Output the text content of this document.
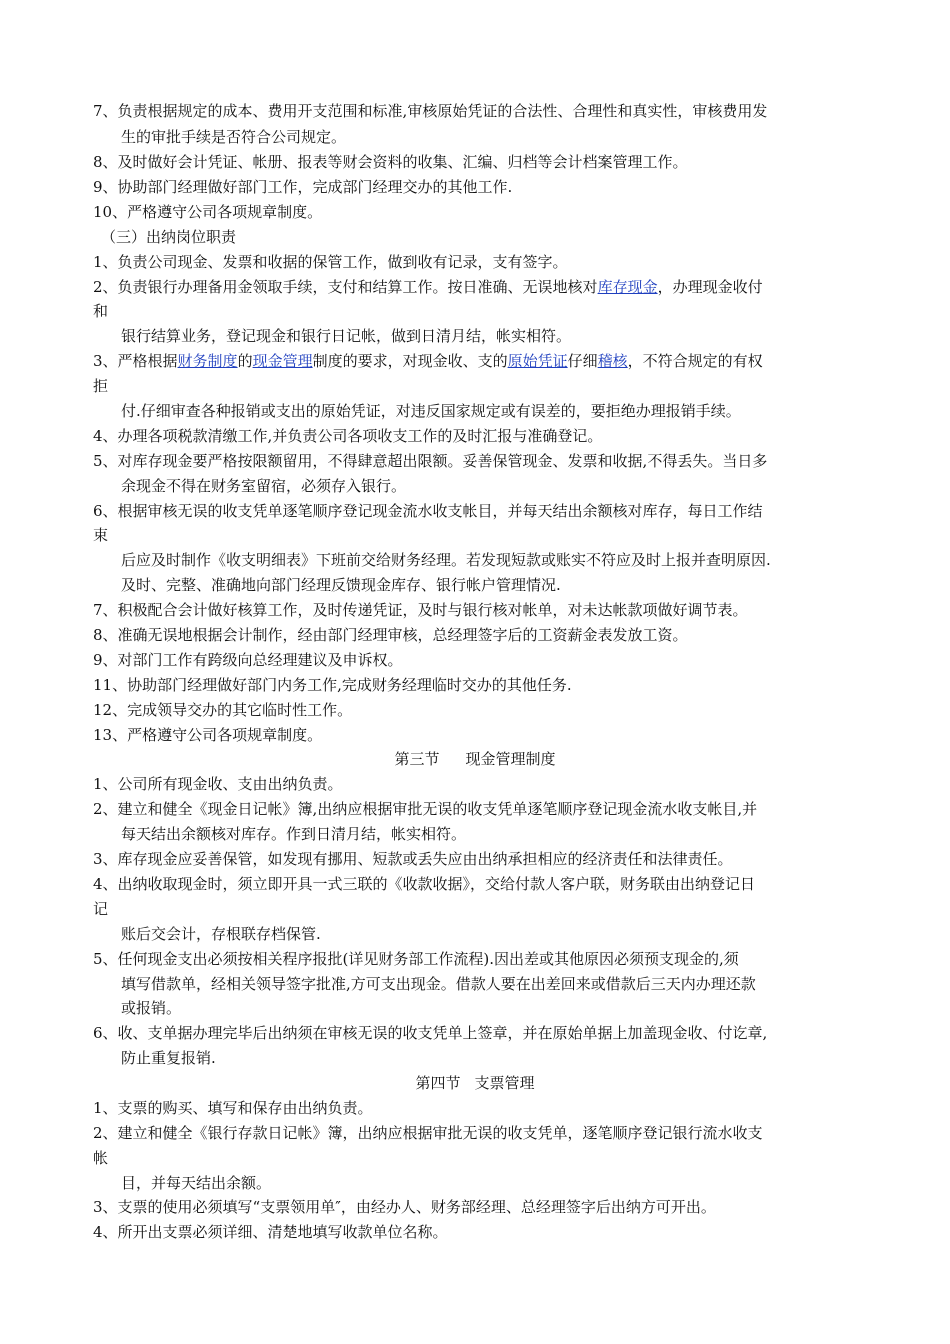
7、负责根据规定的成本、费用开支范围和标准,审核原始凭证的合法性、合理性和真实性，审核费用发
生的审批手续是否符合公司规定。
8、及时做好会计凭证、帐册、报表等财会资料的收集、汇编、归档等会计档案管理工作。
9、协助部门经理做好部门工作，完成部门经理交办的其他工作.
10、严格遵守公司各项规章制度。
（三）出纳岗位职责
1、负责公司现金、发票和收据的保管工作，做到收有记录，支有签字。
2、负责银行办理备用金领取手续，支付和结算工作。按日准确、无误地核对库存现金，办理现金收付
和
银行结算业务，登记现金和银行日记帐，做到日清月结，帐实相符。
3、严格根据财务制度的现金管理制度的要求，对现金收、支的原始凭证仔细稽核，不符合规定的有权
拒
付.仔细审查各种报销或支出的原始凭证，对违反国家规定或有误差的，要拒绝办理报销手续。
4、办理各项税款清缴工作,并负责公司各项收支工作的及时汇报与准确登记。
5、对库存现金要严格按限额留用，不得肆意超出限额。妥善保管现金、发票和收据,不得丢失。当日多
余现金不得在财务室留宿，必须存入银行。
6、根据审核无误的收支凭单逐笔顺序登记现金流水收支帐目，并每天结出余额核对库存，每日工作结
束
后应及时制作《收支明细表》下班前交给财务经理。若发现短款或账实不符应及时上报并查明原因.
及时、完整、准确地向部门经理反馈现金库存、银行帐户管理情况.
7、积极配合会计做好核算工作，及时传递凭证，及时与银行核对帐单，对未达帐款项做好调节表。
8、准确无误地根据会计制作，经由部门经理审核，总经理签字后的工资薪金表发放工资。
9、对部门工作有跨级向总经理建议及申诉权。
11、协助部门经理做好部门内务工作,完成财务经理临时交办的其他任务.
12、完成领导交办的其它临时性工作。
13、严格遵守公司各项规章制度。
第三节 现金管理制度
1、公司所有现金收、支由出纳负责。
2、建立和健全《现金日记帐》簿,出纳应根据审批无误的收支凭单逐笔顺序登记现金流水收支帐目,并
每天结出余额核对库存。作到日清月结，帐实相符。
3、库存现金应妥善保管，如发现有挪用、短款或丢失应由出纳承担相应的经济责任和法律责任。
4、出纳收取现金时，须立即开具一式三联的《收款收据》，交给付款人客户联，财务联由出纳登记日
记
账后交会计，存根联存档保管.
5、任何现金支出必须按相关程序报批(详见财务部工作流程).因出差或其他原因必须预支现金的,须
填写借款单，经相关领导签字批准,方可支出现金。借款人要在出差回来或借款后三天内办理还款
或报销。
6、收、支单据办理完毕后出纳须在审核无误的收支凭单上签章，并在原始单据上加盖现金收、付讫章,
防止重复报销.
第四节 支票管理
1、支票的购买、填写和保存由出纳负责。
2、建立和健全《银行存款日记帐》簿，出纳应根据审批无误的收支凭单，逐笔顺序登记银行流水收支
帐
目，并每天结出余额。
3、支票的使用必须填写“支票领用单″，由经办人、财务部经理、总经理签字后出纳方可开出。
4、所开出支票必须详细、清楚地填写收款单位名称。
